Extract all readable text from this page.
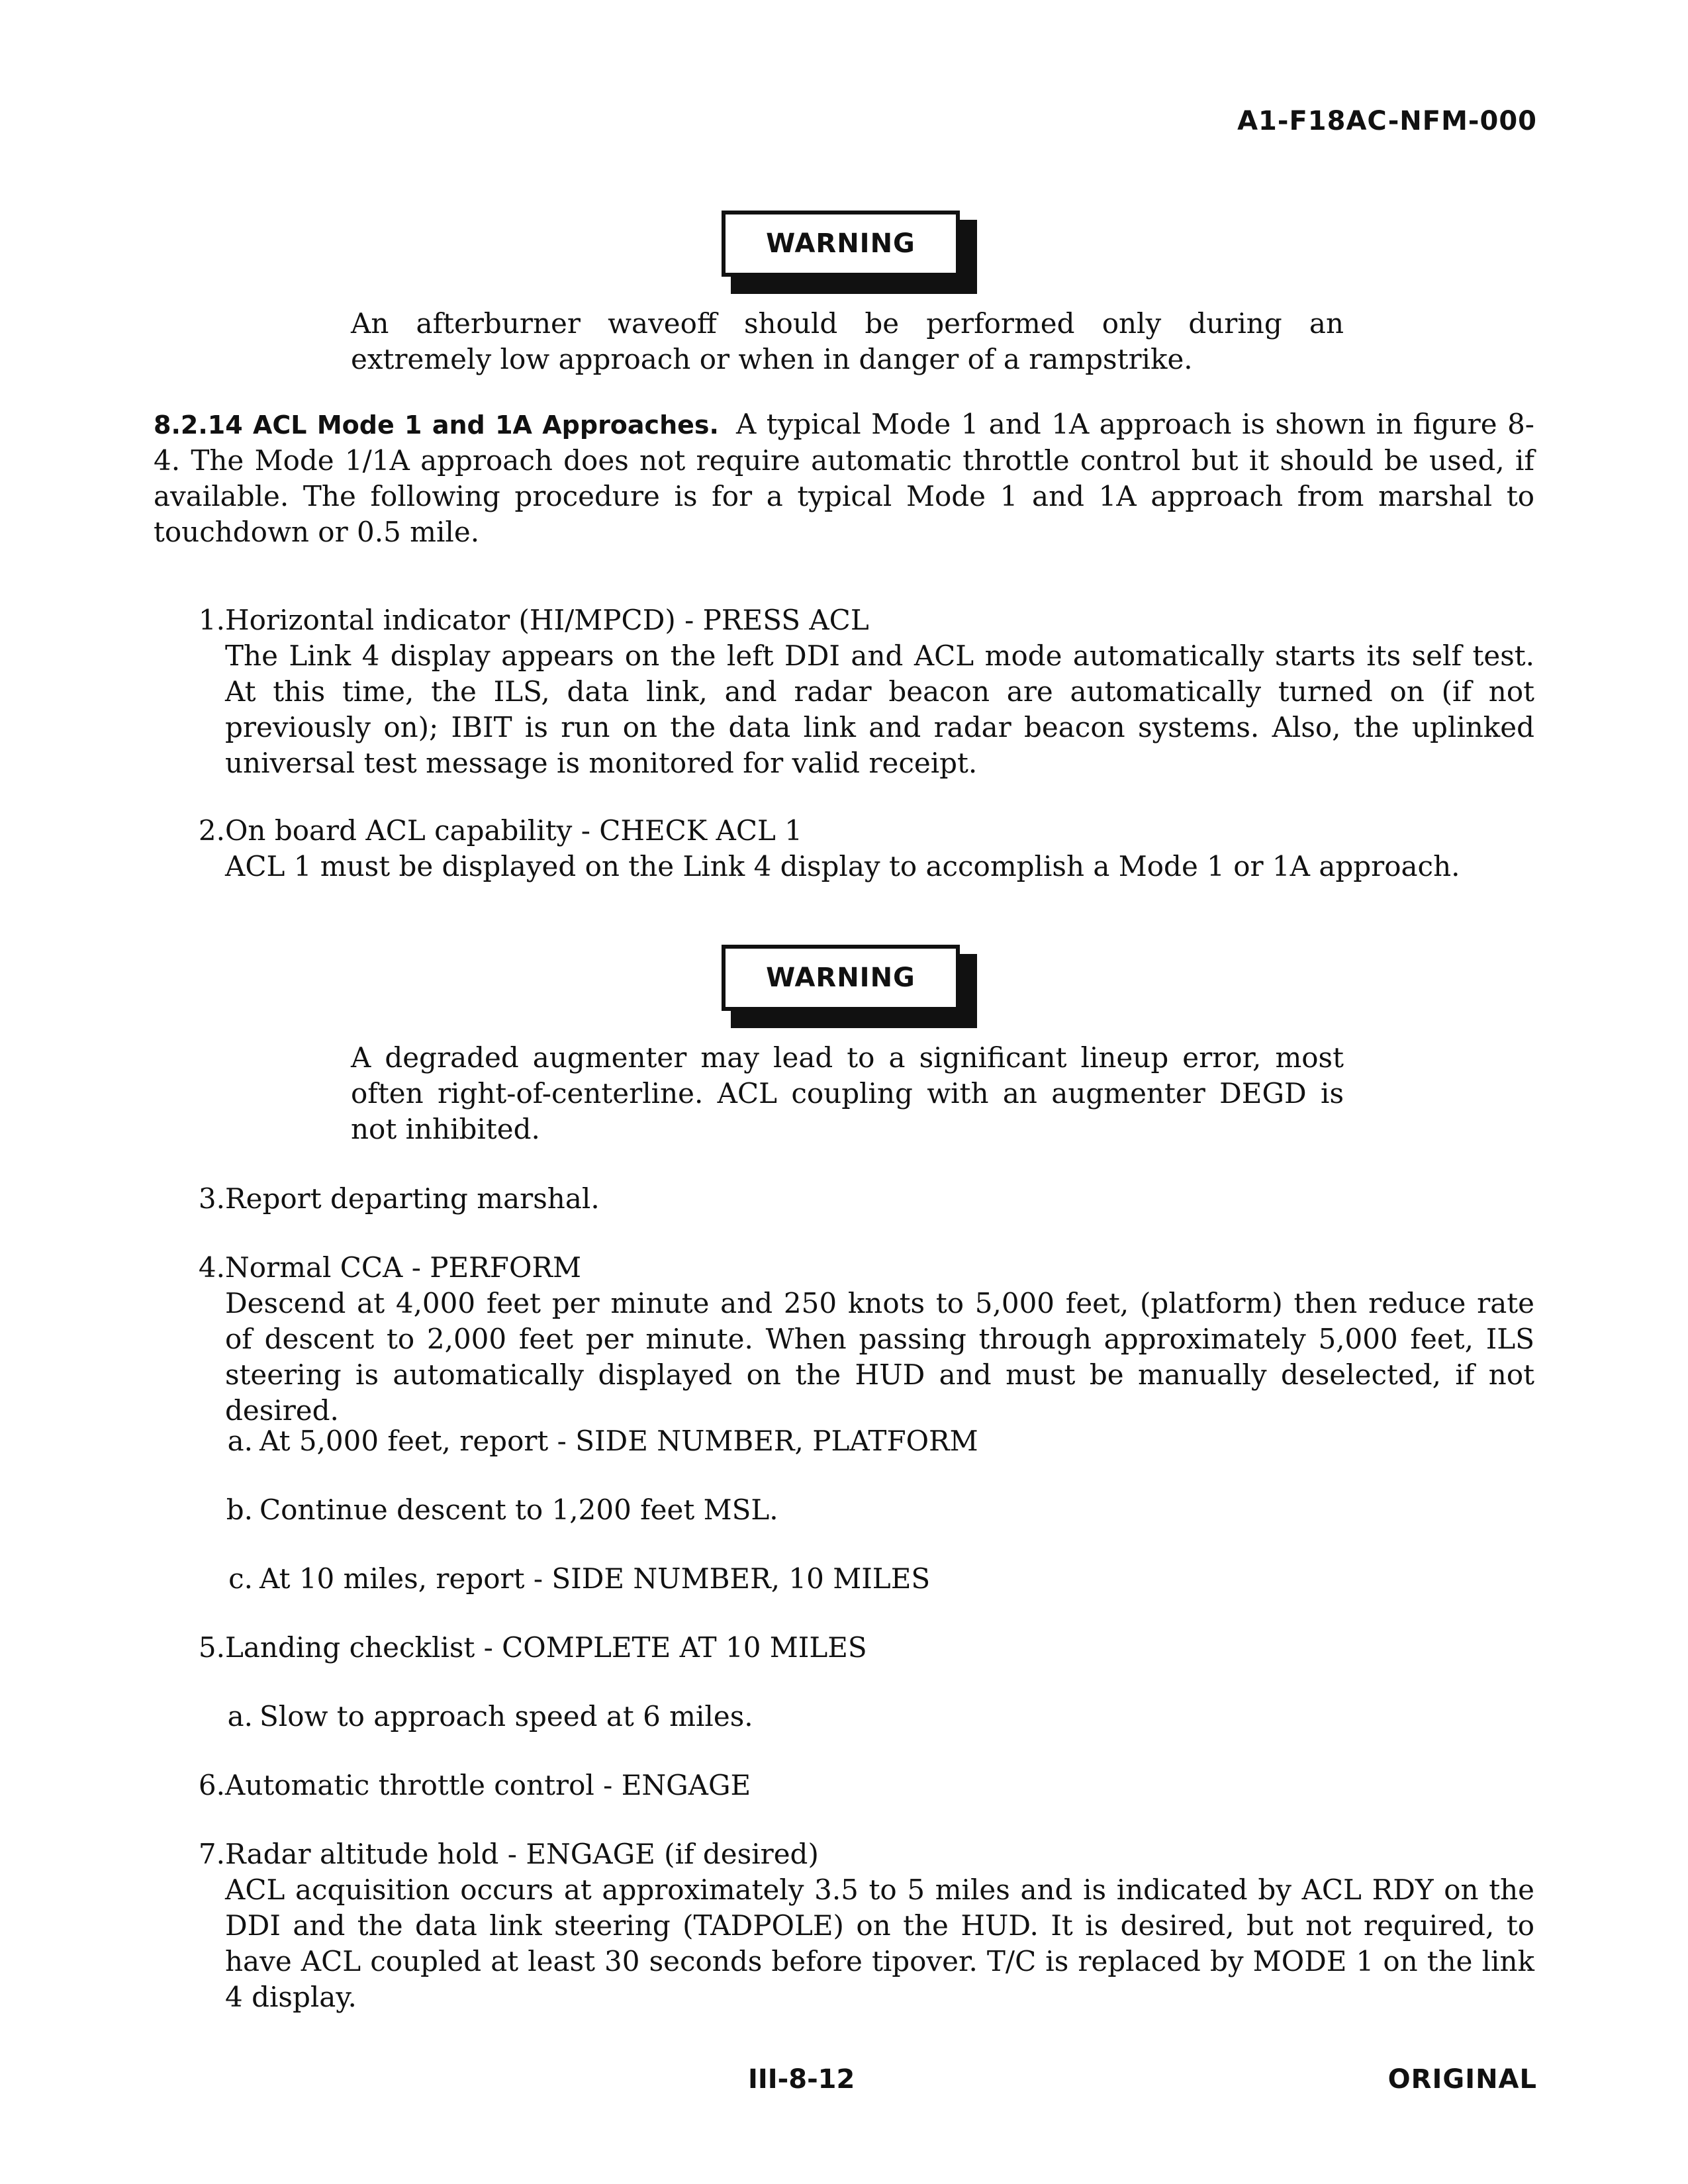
A1-F18AC-NFM-000
WARNING
An afterburner waveoff should be performed only during an extremely low approach or when in danger of a rampstrike.
8.2.14 ACL Mode 1 and 1A Approaches. A typical Mode 1 and 1A approach is shown in figure 8-4. The Mode 1/1A approach does not require automatic throttle control but it should be used, if available. The following procedure is for a typical Mode 1 and 1A approach from marshal to touchdown or 0.5 mile.
1. Horizontal indicator (HI/MPCD) - PRESS ACL
The Link 4 display appears on the left DDI and ACL mode automatically starts its self test. At this time, the ILS, data link, and radar beacon are automatically turned on (if not previously on); IBIT is run on the data link and radar beacon systems. Also, the uplinked universal test message is monitored for valid receipt.
2. On board ACL capability - CHECK ACL 1
ACL 1 must be displayed on the Link 4 display to accomplish a Mode 1 or 1A approach.
WARNING
A degraded augmenter may lead to a significant lineup error, most often right-of-centerline. ACL coupling with an augmenter DEGD is not inhibited.
3. Report departing marshal.
4. Normal CCA - PERFORM
Descend at 4,000 feet per minute and 250 knots to 5,000 feet, (platform) then reduce rate of descent to 2,000 feet per minute. When passing through approximately 5,000 feet, ILS steering is automatically displayed on the HUD and must be manually deselected, if not desired.
a. At 5,000 feet, report - SIDE NUMBER, PLATFORM
b. Continue descent to 1,200 feet MSL.
c. At 10 miles, report - SIDE NUMBER, 10 MILES
5. Landing checklist - COMPLETE AT 10 MILES
a. Slow to approach speed at 6 miles.
6. Automatic throttle control - ENGAGE
7. Radar altitude hold - ENGAGE (if desired)
ACL acquisition occurs at approximately 3.5 to 5 miles and is indicated by ACL RDY on the DDI and the data link steering (TADPOLE) on the HUD. It is desired, but not required, to have ACL coupled at least 30 seconds before tipover. T/C is replaced by MODE 1 on the link 4 display.
III-8-12	ORIGINAL
